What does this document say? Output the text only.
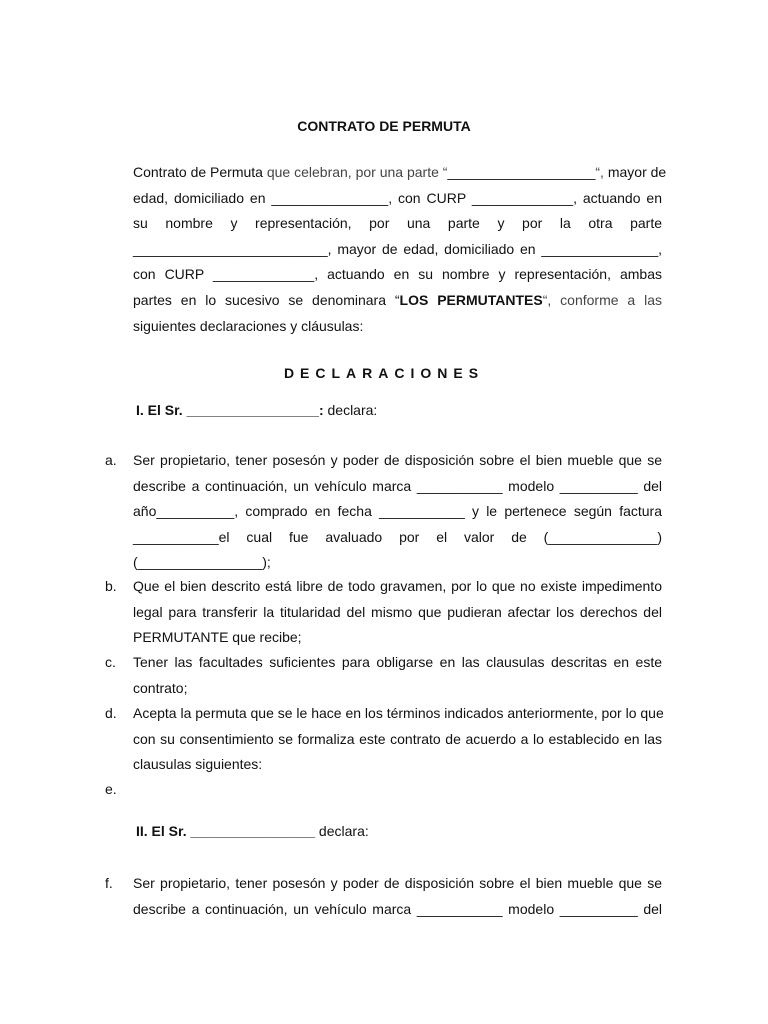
CONTRATO DE PERMUTA
Contrato de Permuta que celebran, por una parte “___________________“, mayor de
edad, domiciliado en _______________, con CURP _____________, actuando en
su nombre y representación, por una parte y por la otra parte
_________________________, mayor de edad, domiciliado en _______________,
con CURP _____________, actuando en su nombre y representación, ambas
partes en lo sucesivo se denominara “LOS PERMUTANTES“, conforme a las
siguientes declaraciones y cláusulas:
DECLARACIONES
I. El Sr. _________________: declara:
a.	Ser propietario, tener posesón y poder de disposición sobre el bien mueble que se
describe a continuación, un vehículo marca ___________ modelo __________ del
año__________, comprado en fecha ___________ y le pertenece según factura
___________el cual fue avaluado por el valor de (______________)
(________________);
b.	Que el bien descrito está libre de todo gravamen, por lo que no existe impedimento
legal para transferir la titularidad del mismo que pudieran afectar los derechos del
PERMUTANTE que recibe;
c.	Tener las facultades suficientes para obligarse en las clausulas descritas en este
contrato;
d.	Acepta la permuta que se le hace en los términos indicados anteriormente, por lo que
con su consentimiento se formaliza este contrato de acuerdo a lo establecido en las
clausulas siguientes:
e.
II. El Sr. ________________ declara:
f.	Ser propietario, tener posesón y poder de disposición sobre el bien mueble que se
describe a continuación, un vehículo marca ___________ modelo __________ del
